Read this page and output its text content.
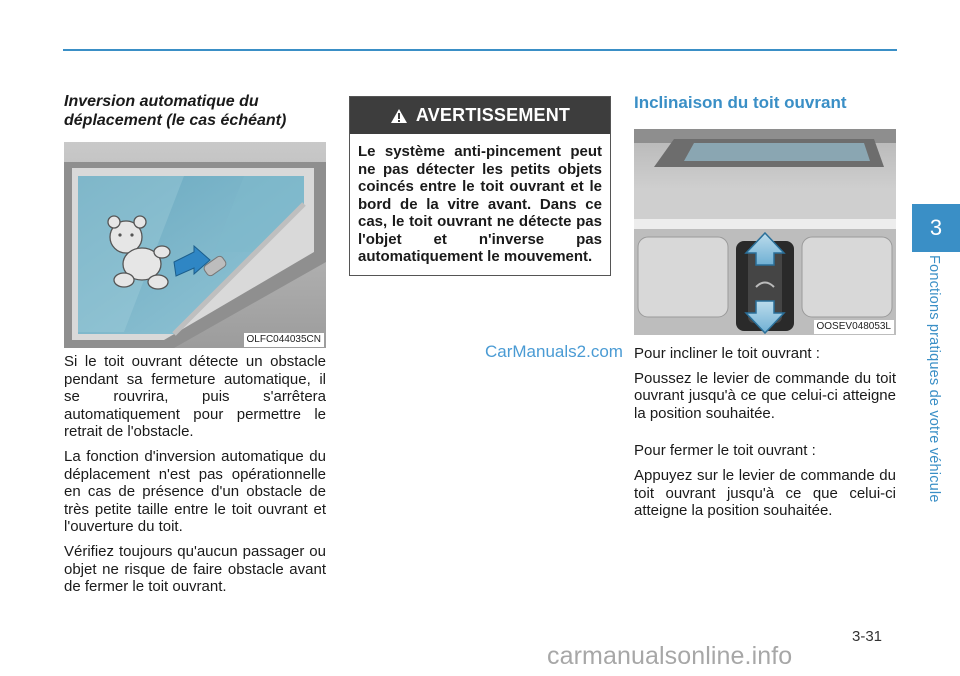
Inversion automatique du
déplacement (le cas échéant)
OLFC044035CN

Si le toit ouvrant détecte un obstacle pendant sa fermeture automatique, il se rouvrira, puis s'arrêtera automatiquement pour permettre le retrait de l'obstacle.

La fonction d'inversion automatique du déplacement n'est pas opérationnelle en cas de présence d'un obstacle de très petite taille entre le toit ouvrant et l'ouverture du toit.

Vérifiez toujours qu'aucun passager ou objet ne risque de faire obstacle avant de fermer le toit ouvrant.

AVERTISSEMENT
Le système anti-pincement peut ne pas détecter les petits objets coincés entre le toit ouvrant et le bord de la vitre avant. Dans ce cas, le toit ouvrant ne détecte pas l'objet et n'inverse pas automatiquement le mouvement.
CarManuals2.com
Inclinaison du toit ouvrant
OOSEV048053L

Pour incliner le toit ouvrant :

Poussez le levier de commande du toit ouvrant jusqu'à ce que celui-ci atteigne la position souhaitée.

Pour fermer le toit ouvrant :

Appuyez sur le levier de commande du toit ouvrant jusqu'à ce que celui-ci atteigne la position souhaitée.

3
Fonctions pratiques de votre véhicule
3-31
carmanualsonline.info
